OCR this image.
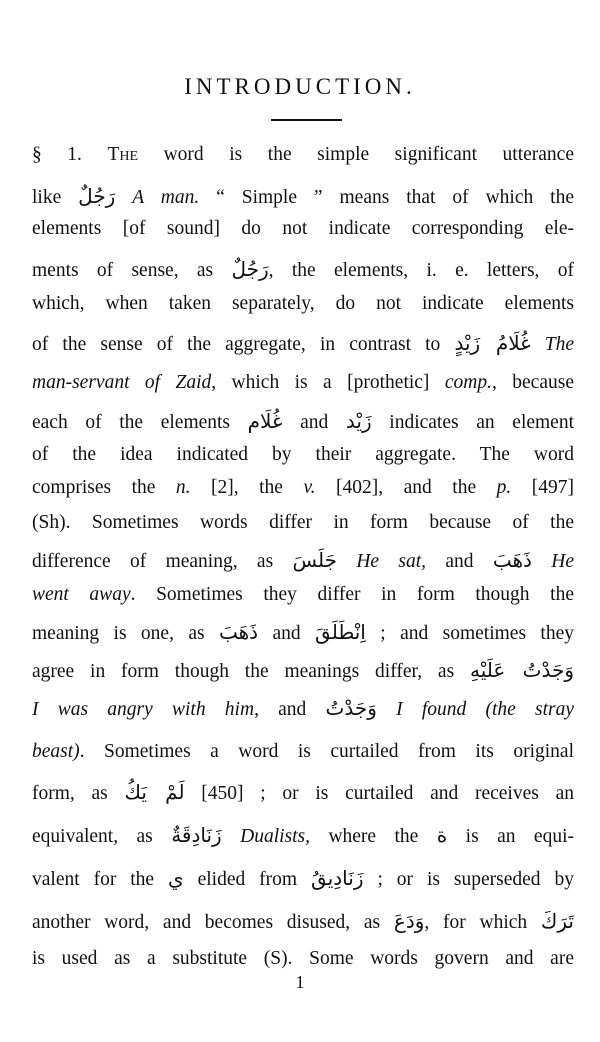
INTRODUCTION.
§ 1. The word is the simple significant utterance
like رَجُلٌ A man. “ Simple ” means that of which the
elements [of sound] do not indicate corresponding ele-
ments of sense, as رَجُلٌ, the elements, i. e. letters, of
which, when taken separately, do not indicate elements
of the sense of the aggregate, in contrast to غُلَامُ زَيْدٍ The
man-servant of Zaid, which is a [prothetic] comp., because
each of the elements غُلَام and زَيْد indicates an element
of the idea indicated by their aggregate. The word
comprises the n. [2], the v. [402], and the p. [497]
(Sh). Sometimes words differ in form because of the
difference of meaning, as جَلَسَ He sat, and ذَهَبَ He
went away. Sometimes they differ in form though the
meaning is one, as ذَهَبَ and اِنْطَلَقَ ; and sometimes they
agree in form though the meanings differ, as وَجَدْتُ عَلَيْهِ
I was angry with him, and وَجَدْتُ I found (the stray
beast). Sometimes a word is curtailed from its original
form, as لَمْ يَكُ [450] ; or is curtailed and receives an
equivalent, as زَنَادِقَةٌ Dualists, where the ة is an equi-
valent for the ي elided from زَنَادِيقُ ; or is superseded by
another word, and becomes disused, as وَدَعَ, for which تَرَكَ
is used as a substitute (S). Some words govern and are
1
